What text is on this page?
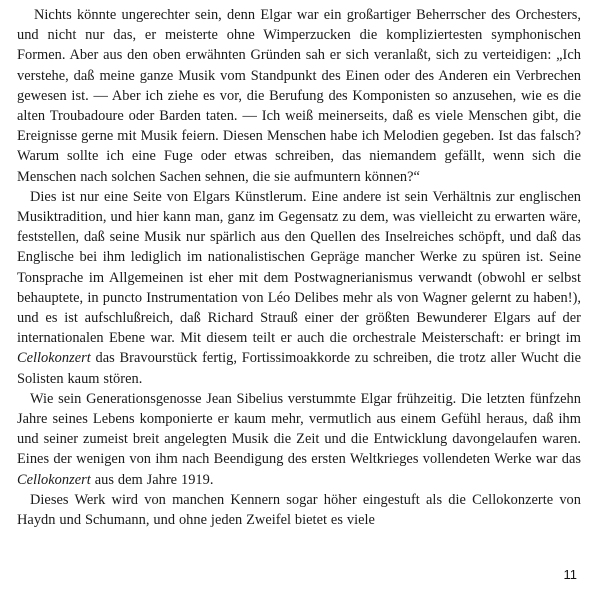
Nichts könnte ungerechter sein, denn Elgar war ein großartiger Beherrscher des Orchesters, und nicht nur das, er meisterte ohne Wimperzucken die kompliziertesten symphonischen Formen. Aber aus den oben erwähnten Gründen sah er sich veranlaßt, sich zu verteidigen: „Ich verstehe, daß meine ganze Musik vom Standpunkt des Einen oder des Anderen ein Verbrechen gewesen ist. — Aber ich ziehe es vor, die Berufung des Komponisten so anzusehen, wie es die alten Troubadoure oder Barden taten. — Ich weiß meinerseits, daß es viele Menschen gibt, die Ereignisse gerne mit Musik feiern. Diesen Menschen habe ich Melodien gegeben. Ist das falsch? Warum sollte ich eine Fuge oder etwas schreiben, das niemandem gefällt, wenn sich die Menschen nach solchen Sachen sehnen, die sie aufmuntern können?“

Dies ist nur eine Seite von Elgars Künstlerum. Eine andere ist sein Verhältnis zur englischen Musiktradition, und hier kann man, ganz im Gegensatz zu dem, was vielleicht zu erwarten wäre, feststellen, daß seine Musik nur spärlich aus den Quellen des Inselreiches schöpft, und daß das Englische bei ihm lediglich im nationalistischen Gepräge mancher Werke zu spüren ist. Seine Tonsprache im Allgemeinen ist eher mit dem Postwagnerianismus verwandt (obwohl er selbst behauptete, in puncto Instrumentation von Léo Delibes mehr als von Wagner gelernt zu haben!), und es ist aufschlußreich, daß Richard Strauß einer der größten Bewunderer Elgars auf der internationalen Ebene war. Mit diesem teilt er auch die orchestrale Meisterschaft: er bringt im Cellokonzert das Bravourstück fertig, Fortissimoakkorde zu schreiben, die trotz aller Wucht die Solisten kaum stören.

Wie sein Generationsgenosse Jean Sibelius verstummte Elgar frühzeitig. Die letzten fünfzehn Jahre seines Lebens komponierte er kaum mehr, vermutlich aus einem Gefühl heraus, daß ihm und seiner zumeist breit angelegten Musik die Zeit und die Entwicklung davongelaufen waren. Eines der wenigen von ihm nach Beendigung des ersten Weltkrieges vollendeten Werke war das Cellokonzert aus dem Jahre 1919.

Dieses Werk wird von manchen Kennern sogar höher eingestuft als die Cellokonzerte von Haydn und Schumann, und ohne jeden Zweifel bietet es viele

11
